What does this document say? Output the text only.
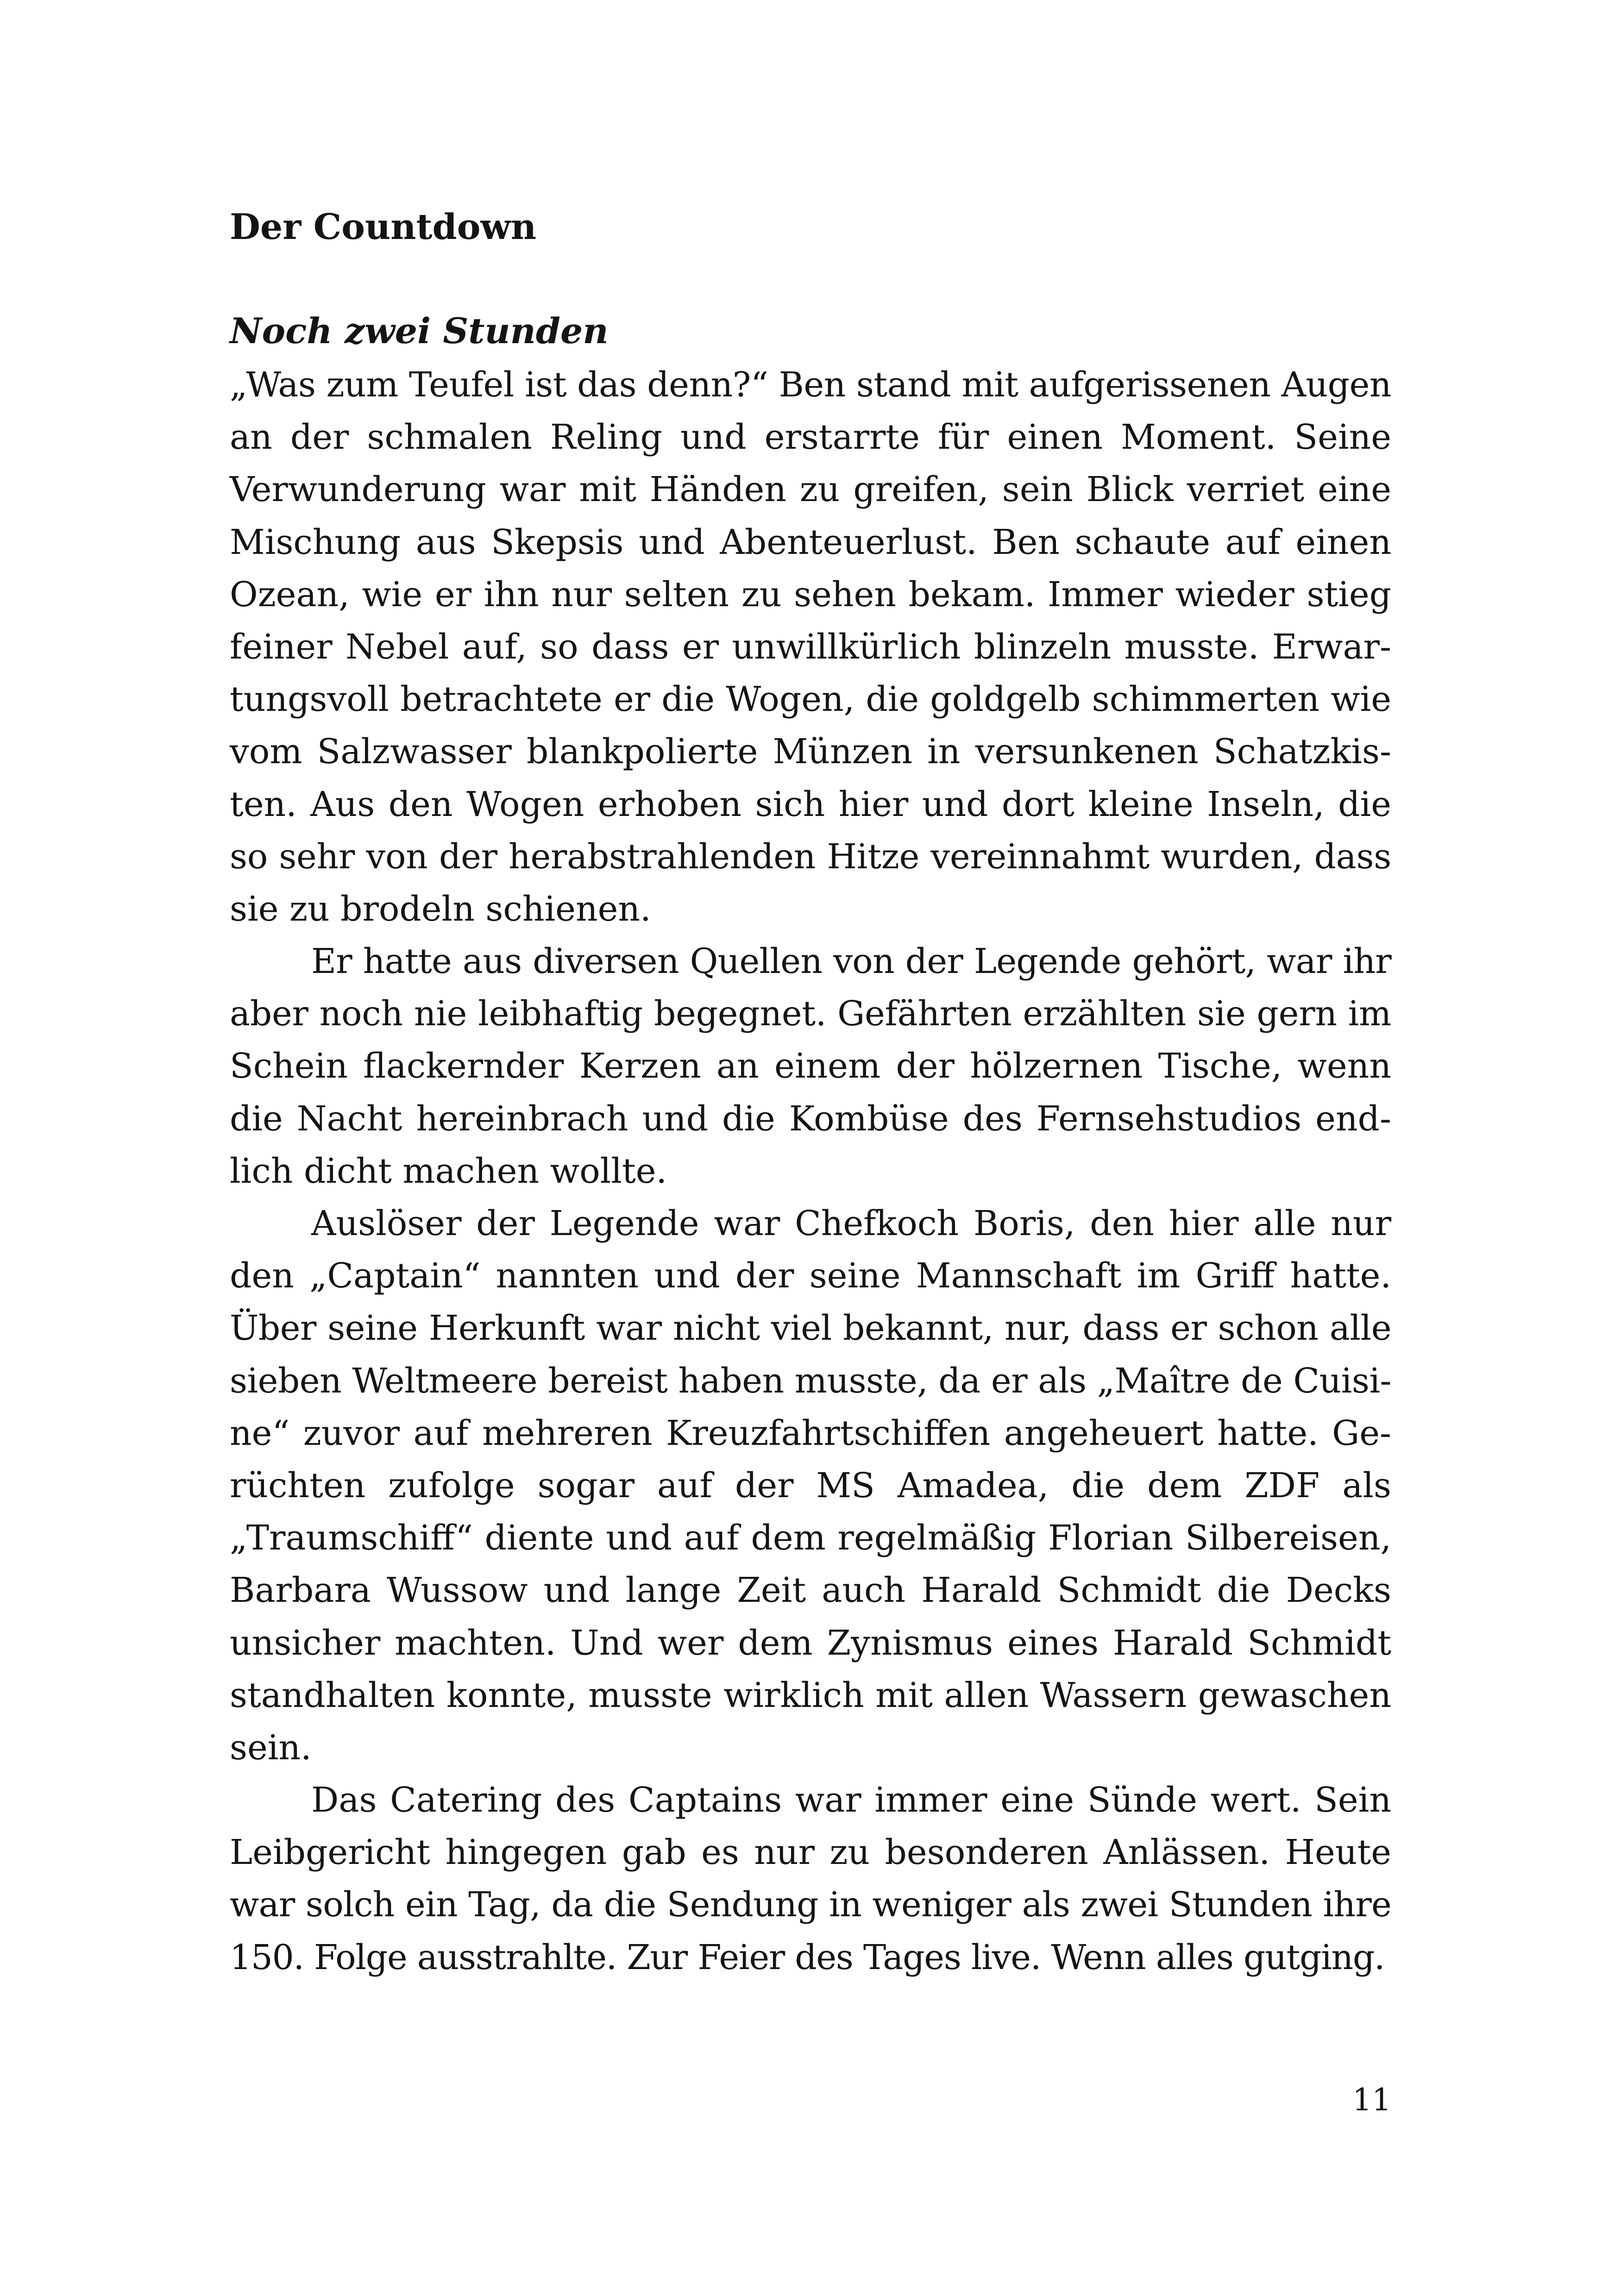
Der Countdown
Noch zwei Stunden

„Was zum Teufel ist das denn?“ Ben stand mit aufgerissenen Augen
an der schmalen Reling und erstarrte für einen Moment. Seine
Verwunderung war mit Händen zu greifen, sein Blick verriet eine
Mischung aus Skepsis und Abenteuerlust. Ben schaute auf einen
Ozean, wie er ihn nur selten zu sehen bekam. Immer wieder stieg
feiner Nebel auf, so dass er unwillkürlich blinzeln musste. Erwar-
tungsvoll betrachtete er die Wogen, die goldgelb schimmerten wie
vom Salzwasser blankpolierte Münzen in versunkenen Schatzkis-
ten. Aus den Wogen erhoben sich hier und dort kleine Inseln, die
so sehr von der herabstrahlenden Hitze vereinnahmt wurden, dass
sie zu brodeln schienen.

Er hatte aus diversen Quellen von der Legende gehört, war ihr
aber noch nie leibhaftig begegnet. Gefährten erzählten sie gern im
Schein flackernder Kerzen an einem der hölzernen Tische, wenn
die Nacht hereinbrach und die Kombüse des Fernsehstudios end-
lich dicht machen wollte.

Auslöser der Legende war Chefkoch Boris, den hier alle nur
den „Captain“ nannten und der seine Mannschaft im Griff hatte.
Über seine Herkunft war nicht viel bekannt, nur, dass er schon alle
sieben Weltmeere bereist haben musste, da er als „Maître de Cuisi-
ne“ zuvor auf mehreren Kreuzfahrtschiffen angeheuert hatte. Ge-
rüchten zufolge sogar auf der MS Amadea, die dem ZDF als
„Traumschiff“ diente und auf dem regelmäßig Florian Silbereisen,
Barbara Wussow und lange Zeit auch Harald Schmidt die Decks
unsicher machten. Und wer dem Zynismus eines Harald Schmidt
standhalten konnte, musste wirklich mit allen Wassern gewaschen
sein.

Das Catering des Captains war immer eine Sünde wert. Sein
Leibgericht hingegen gab es nur zu besonderen Anlässen. Heute
war solch ein Tag, da die Sendung in weniger als zwei Stunden ihre
150. Folge ausstrahlte. Zur Feier des Tages live. Wenn alles gutging.

11
